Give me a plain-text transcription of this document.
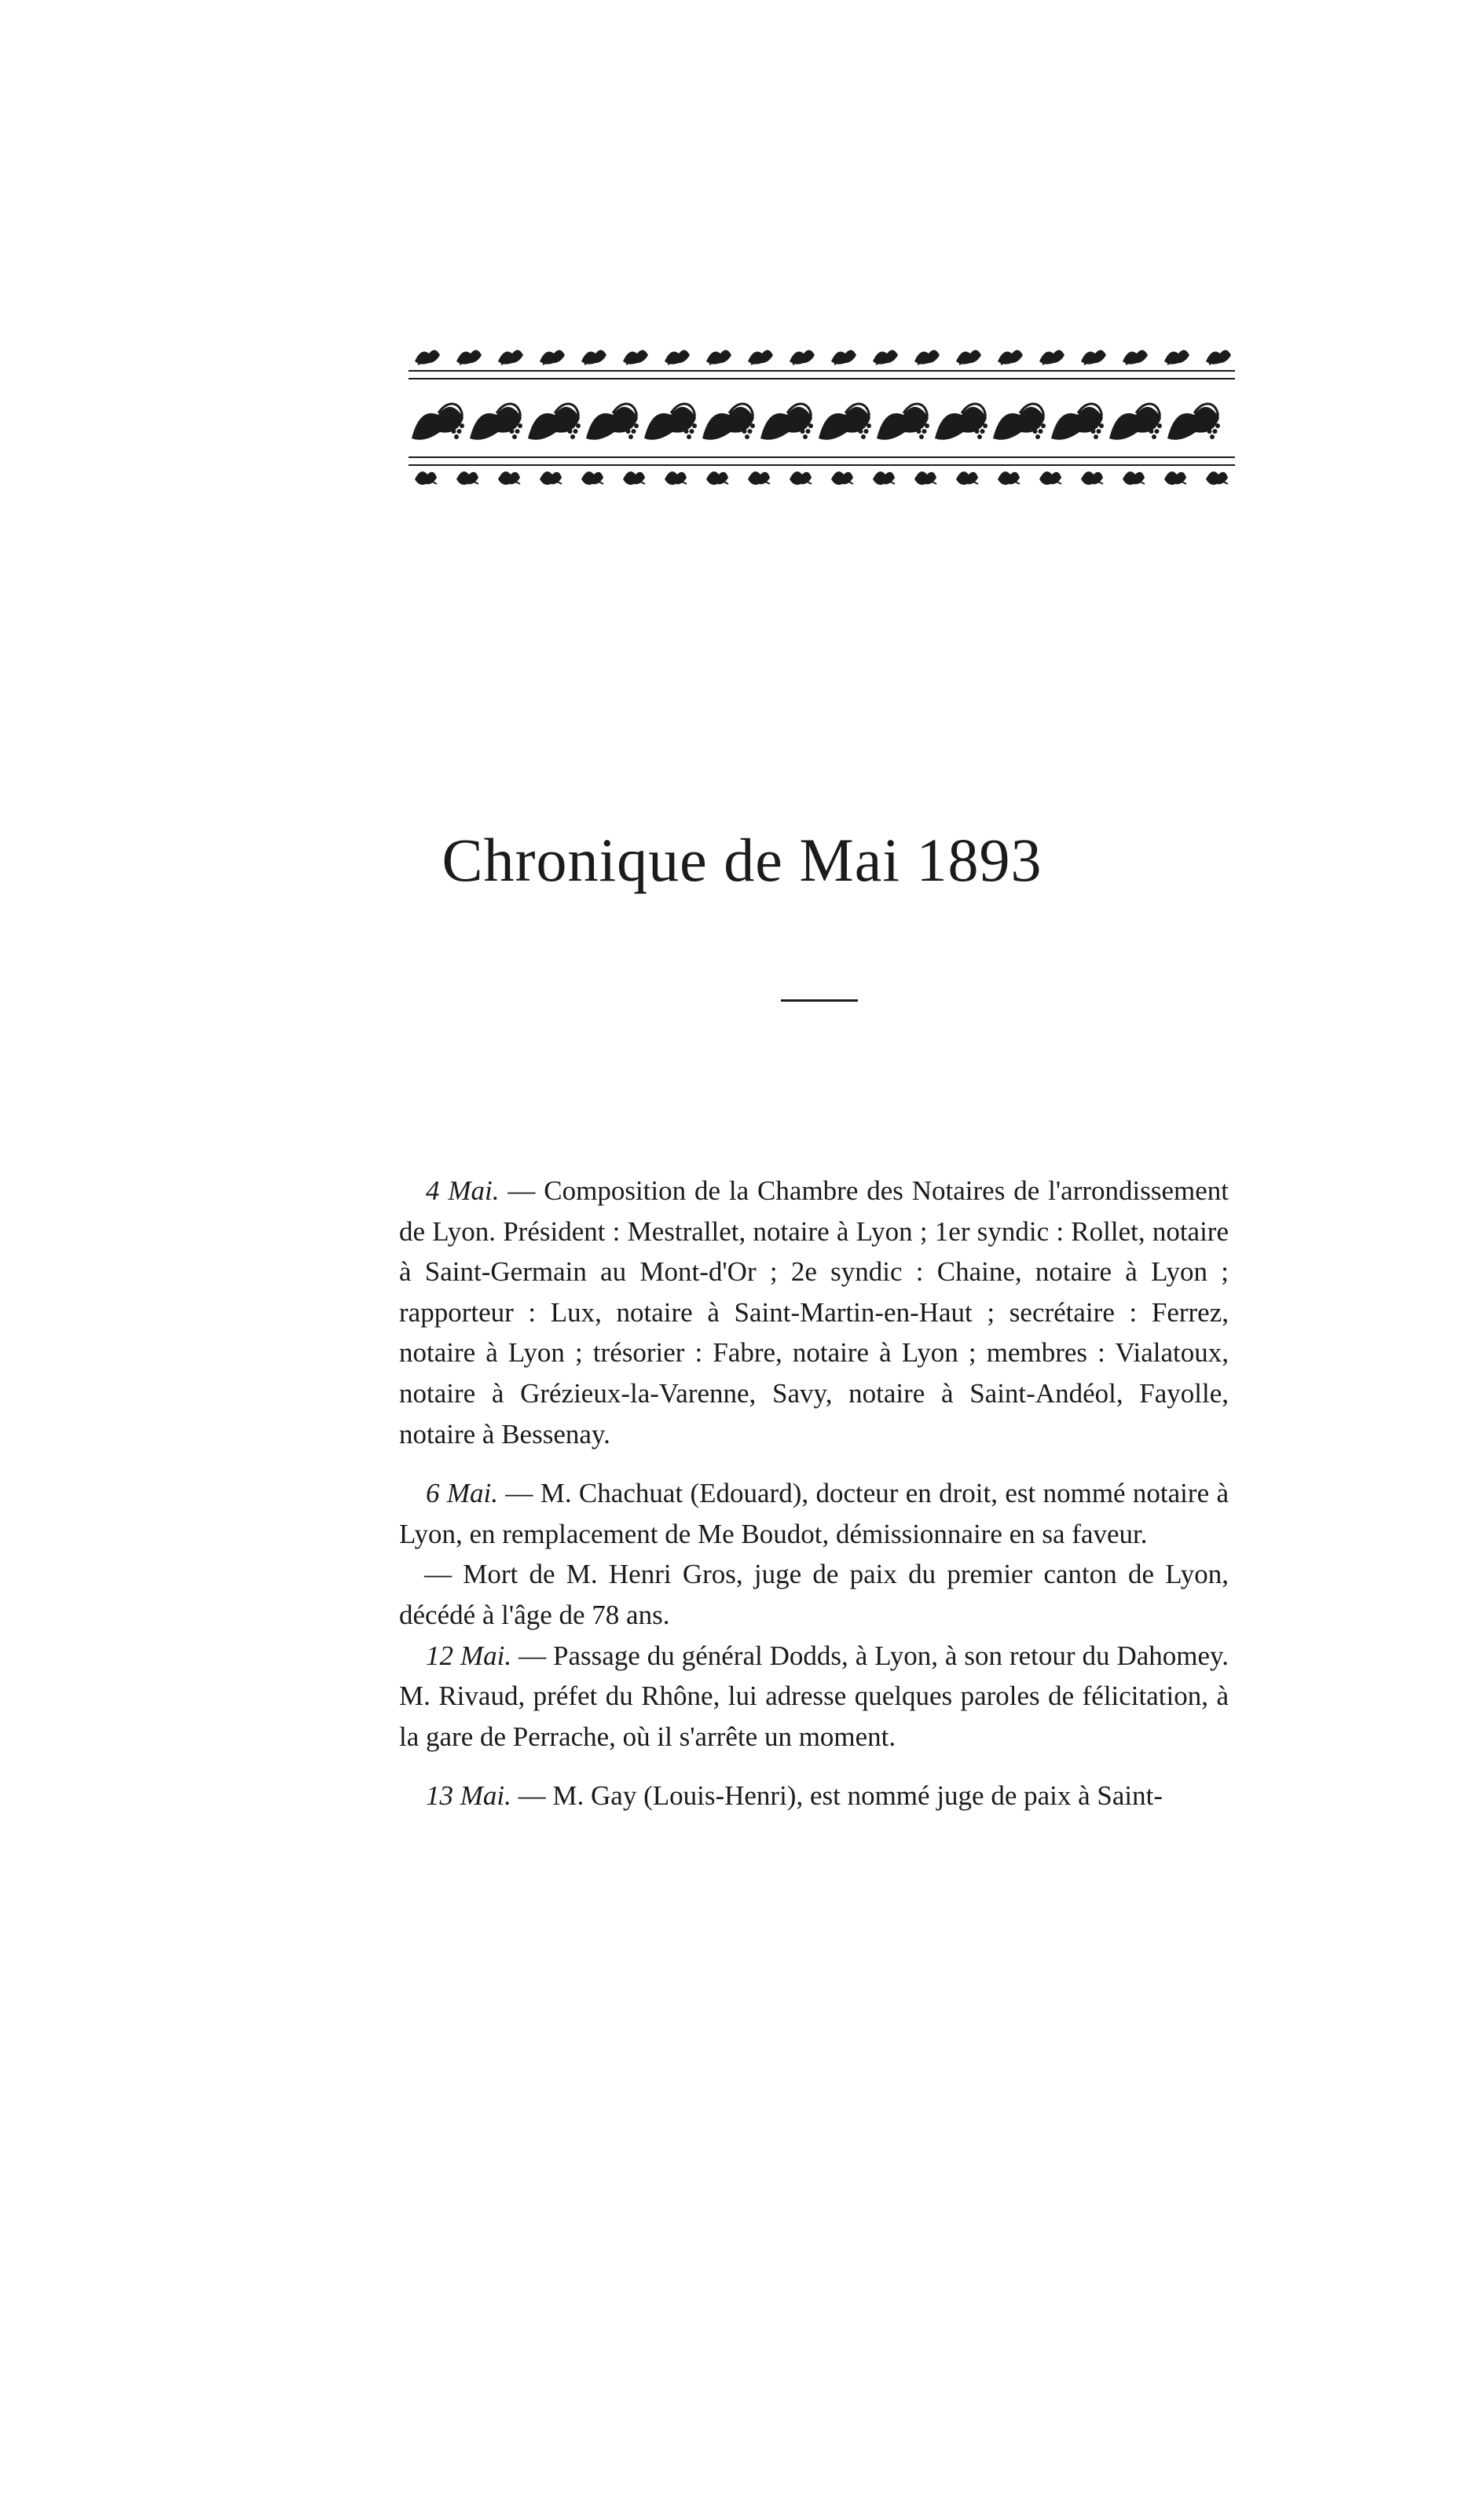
Chronique de Mai 1893

4 Mai. — Composition de la Chambre des Notaires de l'arrondissement de Lyon. Président : Mestrallet, notaire à Lyon ; 1er syndic : Rollet, notaire à Saint-Germain au Mont-d'Or ; 2e syndic : Chaine, notaire à Lyon ; rapporteur : Lux, notaire à Saint-Martin-en-Haut ; secrétaire : Ferrez, notaire à Lyon ; trésorier : Fabre, notaire à Lyon ; membres : Vialatoux, notaire à Grézieux-la-Varenne, Savy, notaire à Saint-Andéol, Fayolle, notaire à Bessenay.

6 Mai. — M. Chachuat (Edouard), docteur en droit, est nommé notaire à Lyon, en remplacement de Me Boudot, démissionnaire en sa faveur.

— Mort de M. Henri Gros, juge de paix du premier canton de Lyon, décédé à l'âge de 78 ans.

12 Mai. — Passage du général Dodds, à Lyon, à son retour du Dahomey. M. Rivaud, préfet du Rhône, lui adresse quelques paroles de félicitation, à la gare de Perrache, où il s'arrête un moment.

13 Mai. — M. Gay (Louis-Henri), est nommé juge de paix à Saint-
